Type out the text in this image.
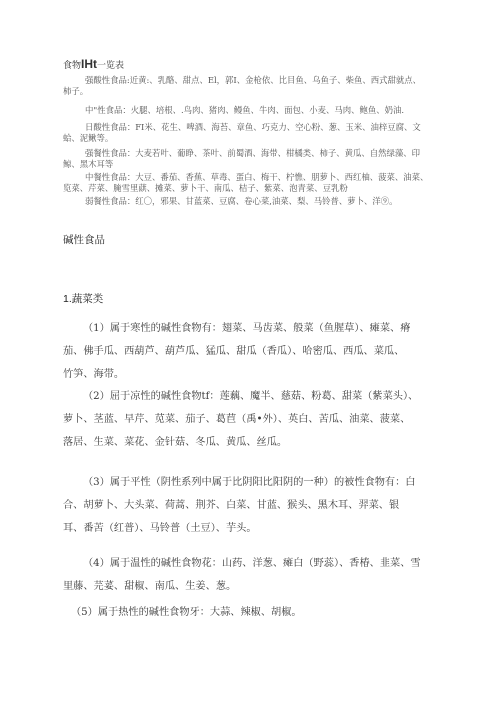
食物IHt一览表

强酸性食品:近黄:、乳酪、甜点、El，郭I、金枪依、比目鱼、乌鱼子、柴鱼、西式甜就点、

柿子。

中"性食品：火腿、培根、.鸟肉、猪肉、鳗鱼、牛肉、面包、小麦、马肉、鲍鱼、奶油.

日酸性食品：FI米、花生、啤酒、海苔、章鱼、巧克力、空心粉、葱、玉米、油梓豆腐、文

蛤、泥鳅等。

强餐性食品：大麦若叶、葡睁、茶叶、前蜀酒、海带、柑橘类、柿子、黄瓜、自然绿藻、印

鲸、黑木耳等

中餐性食品：大豆、番茄、香蕉、草毒、蛋白、梅干、柠憔、朋萝卜、西红柚、菠菜、油菜、

览菜、芹菜、腌雪里蕻、摊菜、萝卜干、南瓜、桔子、紫菜、泡青菜、豆乳粉

弱餐性食品：红〇，邪果、甘蓝菜、豆腐、卷心菜,油菜、梨、马铃普、萝卜、洋⑨。

碱性食品
1.蔬菜类

（1）属于寒性的碱性食物有：翅菜、马齿菜、般菜（鱼腥草）、瘫菜、瘠

茄、佛手瓜、西葫芦、葫芦瓜、猛瓜、甜瓜（香瓜）、哈密瓜、西瓜、菜瓜、

竹笋、海带。

（2）屈于凉性的碱性食物tf：莲藕、魔半、慈菇、粉葛、甜菜（紫菜头）、

萝卜、茎蓝、早芹、苋菜、茄子、葛苣（禹•外）、英白、苦瓜、油菜、菠菜、

落居、生菜、菜花、金针菇、冬瓜、黄瓜、丝瓜。

（3）属于平性（阴性系列中属于比阴阳比阳阴的一种）的被性食物有：白

合、胡萝卜、大头菜、荷蒿、荆芥、白菜、甘蓝、猴头、黑木耳、羿菜、银

耳、番苦（红普）、马铃普（土豆）、芋头。

（4）属于温性的碱性食物花：山药、洋葱、瘫白（野蕊）、香椿、韭菜、雪

里藤、芫荽、甜椒、南瓜、生姜、葱。

（5）属于热性的碱性食物牙：大蒜、辣椒、胡椒。
